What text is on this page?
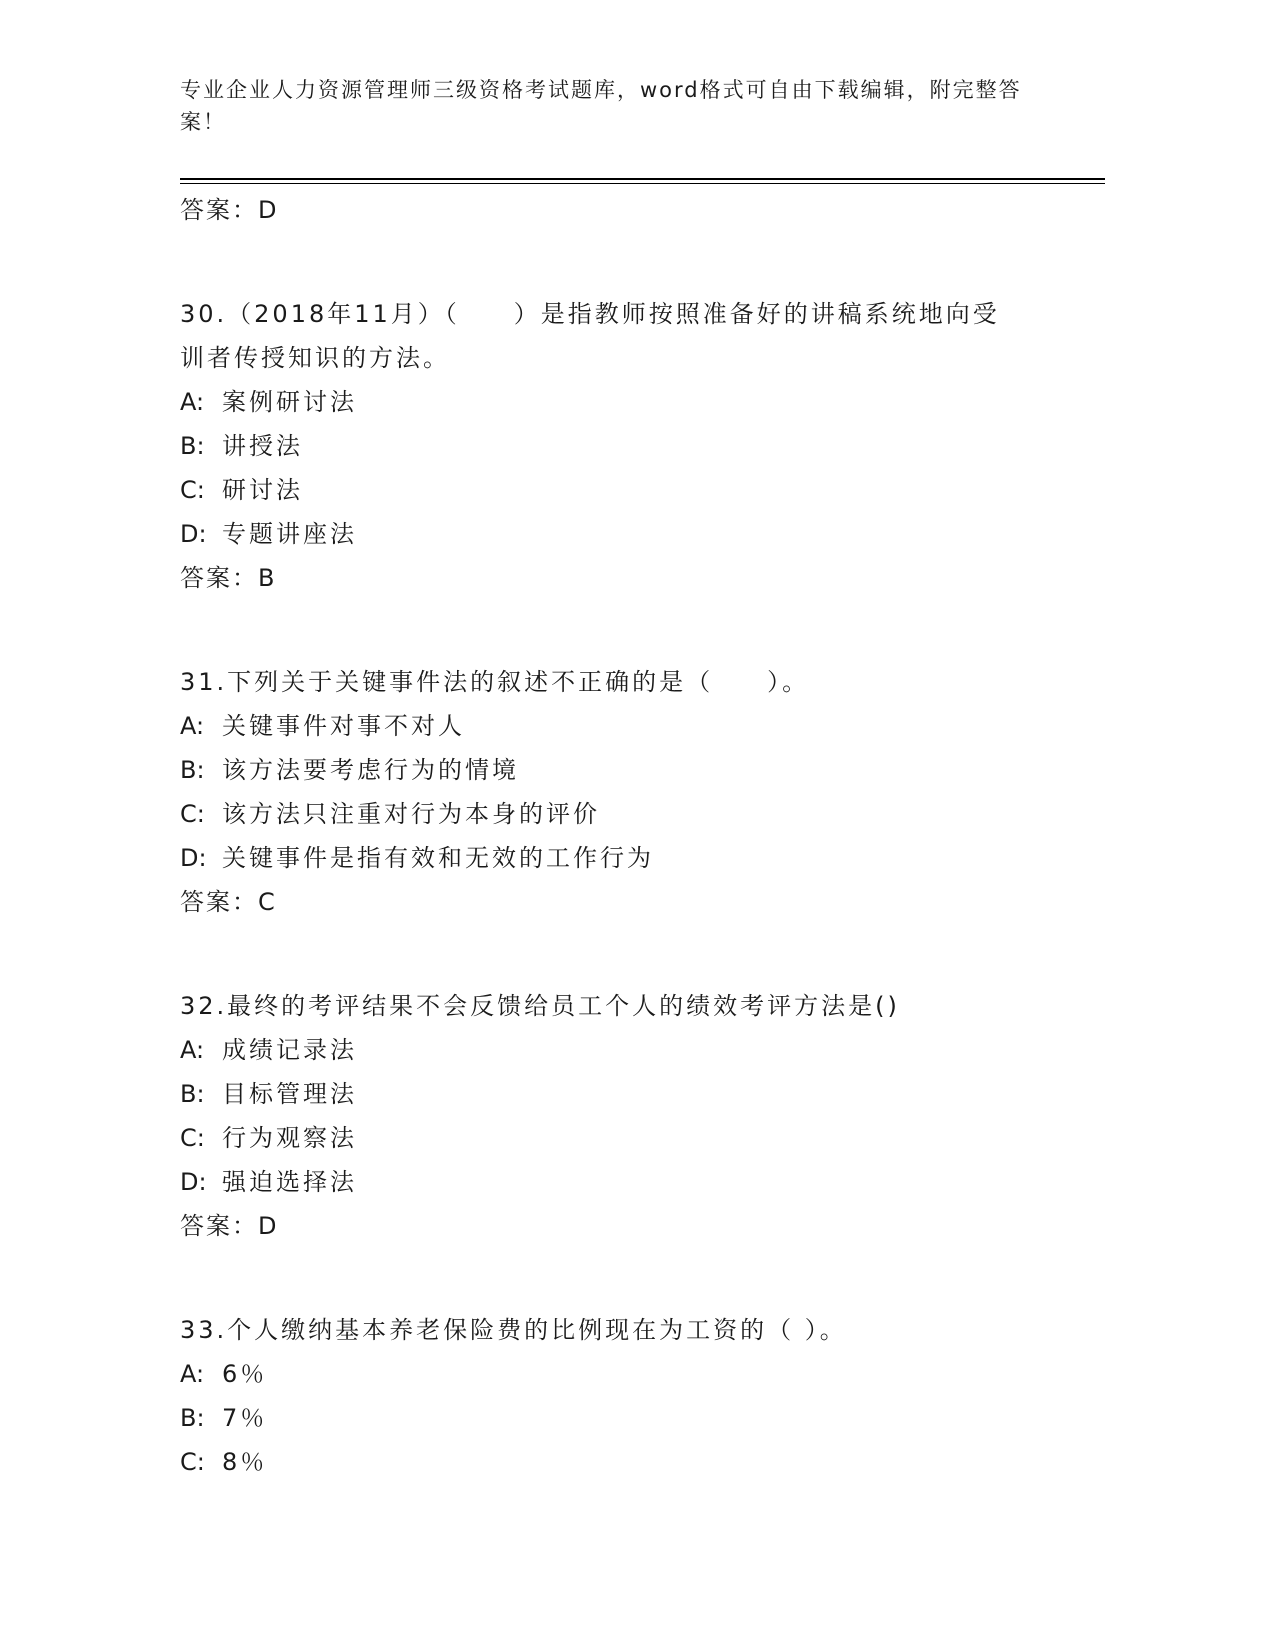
专业企业人力资源管理师三级资格考试题库，word格式可自由下载编辑，附完整答案！
答案：D
30.（2018年11月）（　　）是指教师按照准备好的讲稿系统地向受
训者传授知识的方法。
A: 案例研讨法
B: 讲授法
C: 研讨法
D: 专题讲座法
答案：B
31.下列关于关键事件法的叙述不正确的是（　　）。
A: 关键事件对事不对人
B: 该方法要考虑行为的情境
C: 该方法只注重对行为本身的评价
D: 关键事件是指有效和无效的工作行为
答案：C
32.最终的考评结果不会反馈给员工个人的绩效考评方法是()
A: 成绩记录法
B: 目标管理法
C: 行为观察法
D: 强迫选择法
答案：D
33.个人缴纳基本养老保险费的比例现在为工资的（ ）。
A: 6％
B: 7％
C: 8％
